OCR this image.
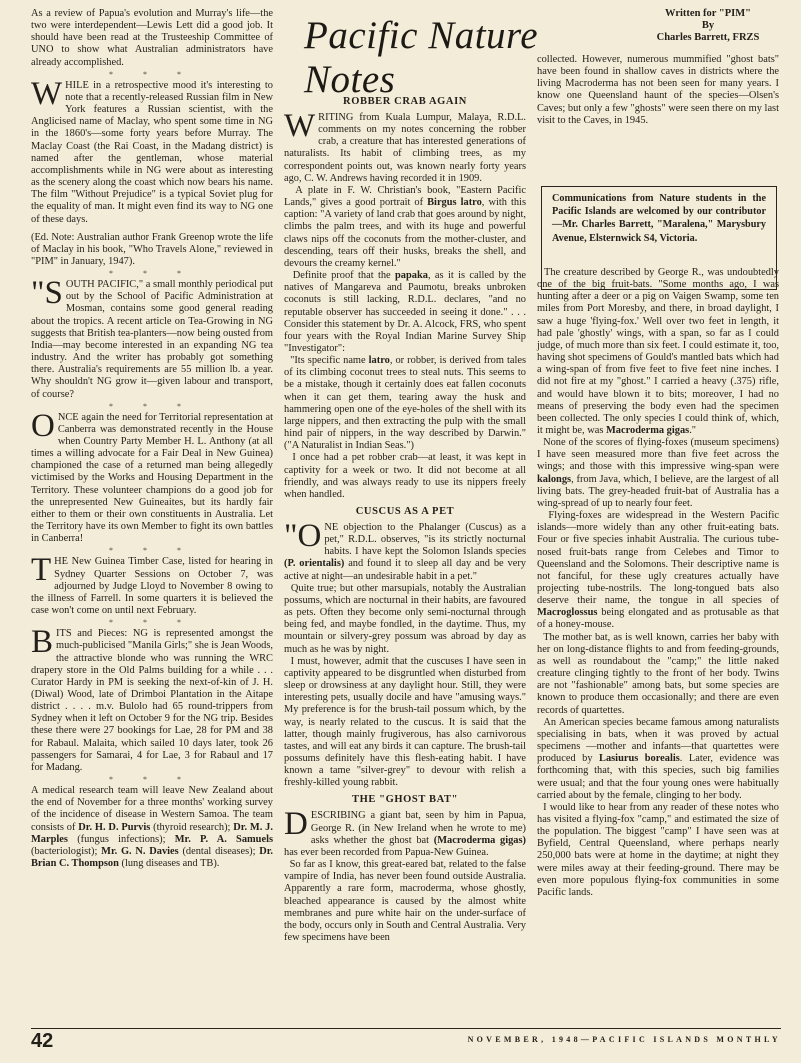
Pacific Nature Notes
Written for "PIM"
By
Charles Barrett, FRZS

As a review of Papua's evolution and Murray's life—the two were interdependent—Lewis Lett did a good job. It should have been read at the Trusteeship Committee of UNO to show what Australian administrators have already accomplished.

* * *

WHILE in a retrospective mood it's interesting to note that a recently-released Russian film in New York features a Russian scientist, with the Anglicised name of Maclay, who spent some time in NG in the 1860's—some forty years before Murray. The Maclay Coast (the Rai Coast, in the Madang district) is named after the gentleman, whose material accomplishments while in NG were about as interesting as the scenery along the coast which now bears his name. The film "Without Prejudice" is a typical Soviet plug for the equality of man. It might even find its way to NG one of these days.

(Ed. Note: Australian author Frank Greenop wrote the life of Maclay in his book, "Who Travels Alone," reviewed in "PIM" in January, 1947).

* * *

"SOUTH PACIFIC," a small monthly periodical put out by the School of Pacific Administration at Mosman, contains some good general reading about the tropics. A recent article on Tea-Growing in NG suggests that British tea-planters—now being ousted from India—may become interested in an expanding NG tea industry. And the writer has probably got something there. Australia's requirements are 55 million lb. a year. Why shouldn't NG grow it—given labour and transport, of course?

* * *

ONCE again the need for Territorial representation at Canberra was demonstrated recently in the House when Country Party Member H. L. Anthony (at all times a willing advocate for a Fair Deal in New Guinea) championed the case of a returned man being allegedly victimised by the Works and Housing Department in the Territory. These volunteer champions do a good job for the unrepresented New Guineaites, but its hardly fair either to them or their own constituents in Australia. Let the Territory have its own Member to fight its own battles in Canberra!

* * *

THE New Guinea Timber Case, listed for hearing in Sydney Quarter Sessions on October 7, was adjourned by Judge Lloyd to November 8 owing to the illness of Farrell. In some quarters it is believed the case won't come on until next February.

* * *

BITS and Pieces: NG is represented amongst the much-publicised "Manila Girls;" she is Jean Woods, the attractive blonde who was running the WRC drapery store in the Old Palms building for a while . . . Curator Hardy in PM is seeking the next-of-kin of J. H. (Diwal) Wood, late of Drimboi Plantation in the Aitape district . . . . m.v. Bulolo had 65 round-trippers from Sydney when it left on October 9 for the NG trip. Besides these there were 27 bookings for Lae, 28 for PM and 38 for Rabaul. Malaita, which sailed 10 days later, took 26 passengers for Samarai, 4 for Lae, 3 for Rabaul and 17 for Madang.

* * *

A medical research team will leave New Zealand about the end of November for a three months' working survey of the incidence of disease in Western Samoa. The team consists of Dr. H. D. Purvis (thyroid research); Dr. M. J. Marples (fungus infections); Mr. P. A. Samuels (bacteriologist); Mr. G. N. Davies (dental diseases); Dr. Brian C. Thompson (lung diseases and TB).

ROBBER CRAB AGAIN

WRITING from Kuala Lumpur, Malaya, R.D.L. comments on my notes concerning the robber crab, a creature that has interested generations of naturalists. Its habit of climbing trees, as my correspondent points out, was known nearly forty years ago, C. W. Andrews having recorded it in 1909.

A plate in F. W. Christian's book, "Eastern Pacific Lands," gives a good portrait of Birgus latro, with this caption: "A variety of land crab that goes around by night, climbs the palm trees, and with its huge and powerful claws nips off the coconuts from the mother-cluster, and descending, tears off their husks, breaks the shell, and devours the creamy kernel."

Definite proof that the papaka, as it is called by the natives of Mangareva and Paumotu, breaks unbroken coconuts is still lacking, R.D.L. declares, "and no reputable observer has succeeded in seeing it done." . . . Consider this statement by Dr. A. Alcock, FRS, who spent four years with the Royal Indian Marine Survey Ship "Investigator":

"Its specific name latro, or robber, is derived from tales of its climbing coconut trees to steal nuts. This seems to be a mistake, though it certainly does eat fallen coconuts when it can get them, tearing away the husk and hammering open one of the eye-holes of the shell with its large nippers, and then extracting the pulp with the small hind pair of nippers, in the way described by Darwin." ("A Naturalist in Indian Seas.")

I once had a pet robber crab—at least, it was kept in captivity for a week or two. It did not become at all friendly, and was always ready to use its nippers freely when handled.

CUSCUS AS A PET

"ONE objection to the Phalanger (Cuscus) as a pet," R.D.L. observes, "is its strictly nocturnal habits. I have kept the Solomon Islands species (P. orientalis) and found it to sleep all day and be very active at night—an undesirable habit in a pet."

Quite true; but other marsupials, notably the Australian possums, which are nocturnal in their habits, are favoured as pets. Often they become only semi-nocturnal through being fed, and maybe fondled, in the daytime. Thus, my mountain or silvery-grey possum was abroad by day as much as he was by night.

I must, however, admit that the cuscuses I have seen in captivity appeared to be disgruntled when disturbed from sleep or drowsiness at any daylight hour. Still, they were interesting pets, usually docile and have "amusing ways." My preference is for the brush-tail possum which, by the way, is nearly related to the cuscus. It is said that the latter, though mainly frugiverous, has also carnivorous tastes, and will eat any birds it can capture. The brush-tail possums definitely have this flesh-eating habit. I have known a tame "silver-grey" to devour with relish a freshly-killed young rabbit.

THE "GHOST BAT"

DESCRIBING a giant bat, seen by him in Papua, George R. (in New Ireland when he wrote to me) asks whether the ghost bat (Macroderma gigas) has ever been recorded from Papua-New Guinea.

So far as I know, this great-eared bat, related to the false vampire of India, has never been found outside Australia. Apparently a rare form, macroderma, whose ghostly, bleached appearance is caused by the almost white membranes and pure white hair on the under-surface of the body, occurs only in South and Central Australia. Very few specimens have been

collected. However, numerous mummified "ghost bats" have been found in shallow caves in districts where the living Macroderma has not been seen for many years. I know one Queensland haunt of the species—Olsen's Caves; but only a few "ghosts" were seen there on my last visit to the Caves, in 1945.

The creature described by George R., was undoubtedly one of the big fruit-bats. "Some months ago, I was hunting after a deer or a pig on Vaigen Swamp, some ten miles from Port Moresby, and there, in broad daylight, I saw a huge 'flying-fox.' Well over two feet in length, it had pale 'ghostly' wings, with a span, so far as I could judge, of much more than six feet. I could estimate it, too, having shot specimens of Gould's mantled bats which had a wing-span of from five feet to five feet nine inches. I did not fire at my "ghost." I carried a heavy (.375) rifle, and would have blown it to bits; moreover, I had no means of preserving the body even had the specimen been collected. The only species I could think of, which, it might be, was Macroderma gigas."

None of the scores of flying-foxes (museum specimens) I have seen measured more than five feet across the wings; and those with this impressive wing-span were kalongs, from Java, which, I believe, are the largest of all living bats. The grey-headed fruit-bat of Australia has a wing-spread of up to nearly four feet.

Flying-foxes are widespread in the Western Pacific islands—more widely than any other fruit-eating bats. Four or five species inhabit Australia. The curious tube-nosed fruit-bats range from Celebes and Timor to Queensland and the Solomons. Their descriptive name is not fanciful, for these ugly creatures actually have projecting tube-nostrils. The long-tongued bats also deserve their name, the tongue in all species of Macroglossus being elongated and as protusable as that of a honey-mouse.

The mother bat, as is well known, carries her baby with her on long-distance flights to and from feeding-grounds, as well as roundabout the "camp;" the little naked creature clinging tightly to the front of her body. Twins are not "fashionable" among bats, but some species are known to produce them occasionally; and there are even records of quartettes.

An American species became famous among naturalists specialising in bats, when it was proved by actual specimens —mother and infants—that quartettes were produced by Lasiurus borealis. Later, evidence was forthcoming that, with this species, such big families were usual; and that the four young ones were habitually carried about by the female, clinging to her body.

I would like to hear from any reader of these notes who has visited a flying-fox "camp," and estimated the size of the population. The biggest "camp" I have seen was at Byfield, Central Queensland, where perhaps nearly 250,000 bats were at home in the daytime; at night they were miles away at their feeding-ground. There may be even more populous flying-fox communities in some Pacific lands.

Communications from Nature students in the Pacific Islands are welcomed by our contributor—Mr. Charles Barrett, "Maralena," Marysbury Avenue, Elsternwick S4, Victoria.
42	NOVEMBER, 1948—PACIFIC ISLANDS MONTHLY
